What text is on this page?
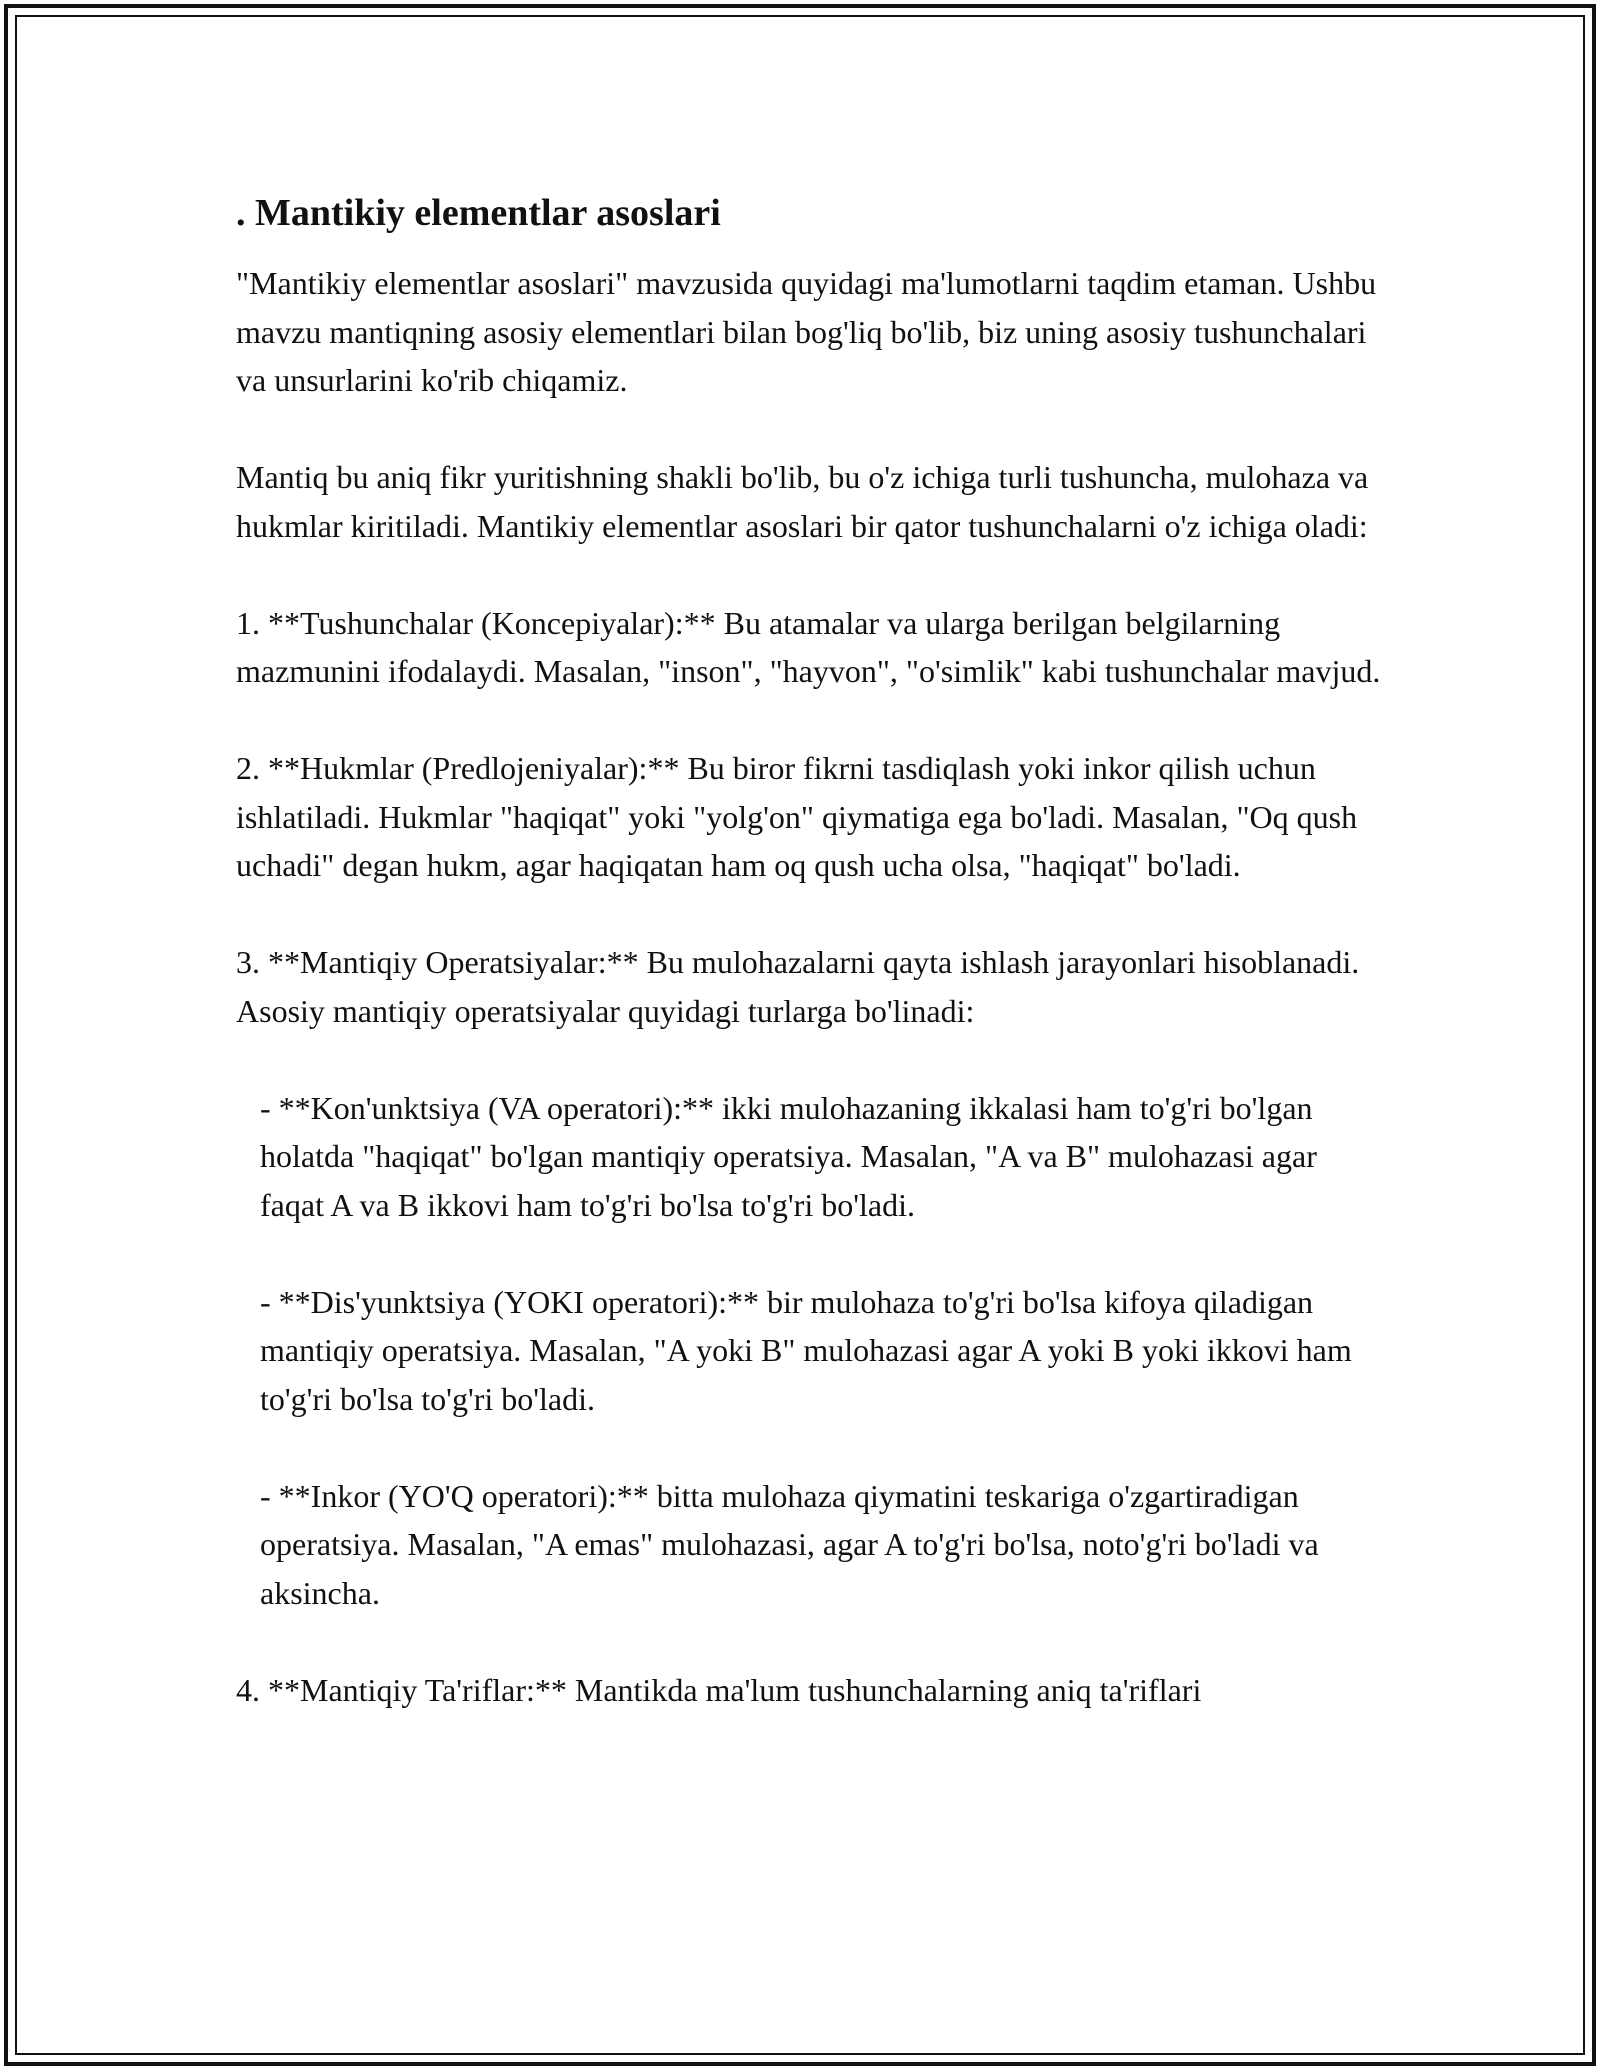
. Mantikiy elementlar asoslari

"Mantikiy elementlar asoslari" mavzusida quyidagi ma'lumotlarni taqdim etaman. Ushbu mavzu mantiqning asosiy elementlari bilan bog'liq bo'lib, biz uning asosiy tushunchalari va unsurlarini ko'rib chiqamiz.

Mantiq bu aniq fikr yuritishning shakli bo'lib, bu o'z ichiga turli tushuncha, mulohaza va hukmlar kiritiladi. Mantikiy elementlar asoslari bir qator tushunchalarni o'z ichiga oladi:

1. **Tushunchalar (Koncepiyalar):** Bu atamalar va ularga berilgan belgilarning mazmunini ifodalaydi. Masalan, "inson", "hayvon", "o'simlik" kabi tushunchalar mavjud.

2. **Hukmlar (Predlojeniyalar):** Bu biror fikrni tasdiqlash yoki inkor qilish uchun ishlatiladi. Hukmlar "haqiqat" yoki "yolg'on" qiymatiga ega bo'ladi. Masalan, "Oq qush uchadi" degan hukm, agar haqiqatan ham oq qush ucha olsa, "haqiqat" bo'ladi.

3. **Mantiqiy Operatsiyalar:** Bu mulohazalarni qayta ishlash jarayonlari hisoblanadi. Asosiy mantiqiy operatsiyalar quyidagi turlarga bo'linadi:

- **Kon'unktsiya (VA operatori):** ikki mulohazaning ikkalasi ham to'g'ri bo'lgan holatda "haqiqat" bo'lgan mantiqiy operatsiya. Masalan, "A va B" mulohazasi agar faqat A va B ikkovi ham to'g'ri bo'lsa to'g'ri bo'ladi.

- **Dis'yunktsiya (YOKI operatori):** bir mulohaza to'g'ri bo'lsa kifoya qiladigan mantiqiy operatsiya. Masalan, "A yoki B" mulohazasi agar A yoki B yoki ikkovi ham to'g'ri bo'lsa to'g'ri bo'ladi.

- **Inkor (YO'Q operatori):** bitta mulohaza qiymatini teskariga o'zgartiradigan operatsiya. Masalan, "A emas" mulohazasi, agar A to'g'ri bo'lsa, noto'g'ri bo'ladi va aksincha.

4. **Mantiqiy Ta'riflar:** Mantikda ma'lum tushunchalarning aniq ta'riflari
